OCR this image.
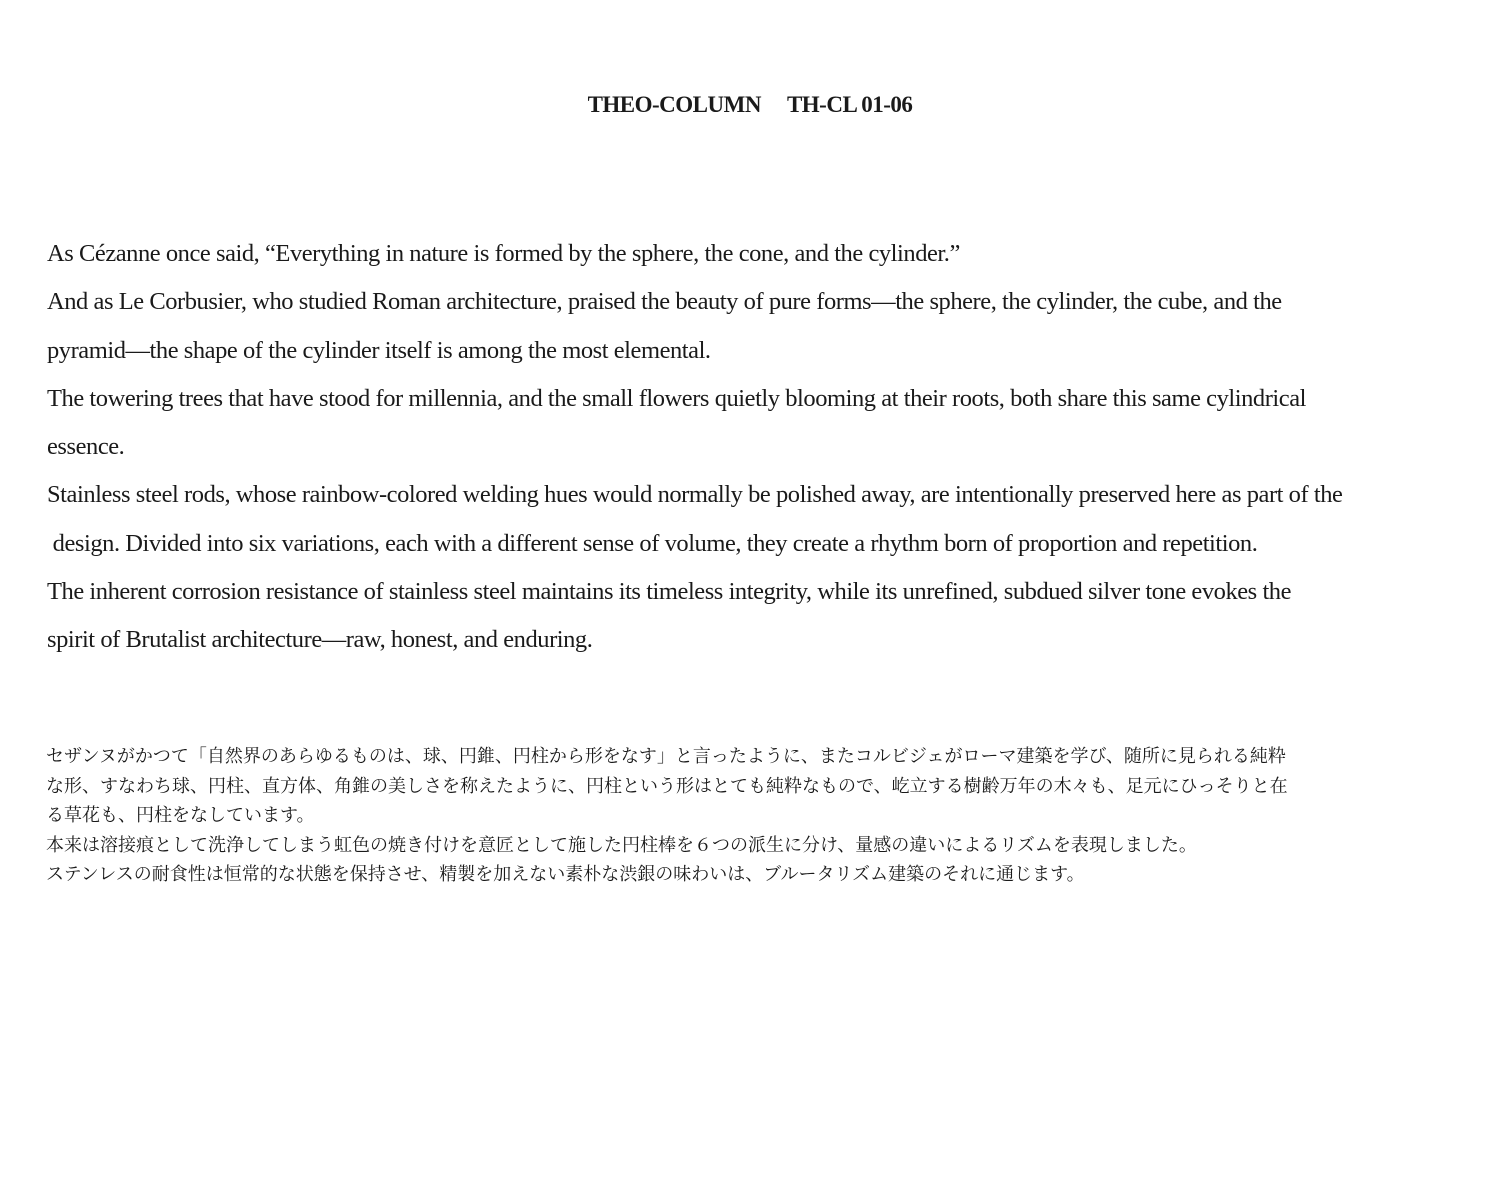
THEO-COLUMN TH-CL 01-06

As Cézanne once said, “Everything in nature is formed by the sphere, the cone, and the cylinder.”

And as Le Corbusier, who studied Roman architecture, praised the beauty of pure forms—the sphere, the cylinder, the cube, and the

pyramid—the shape of the cylinder itself is among the most elemental.

The towering trees that have stood for millennia, and the small flowers quietly blooming at their roots, both share this same cylindrical

essence.

Stainless steel rods, whose rainbow-colored welding hues would normally be polished away, are intentionally preserved here as part of the

design. Divided into six variations, each with a different sense of volume, they create a rhythm born of proportion and repetition.

The inherent corrosion resistance of stainless steel maintains its timeless integrity, while its unrefined, subdued silver tone evokes the

spirit of Brutalist architecture—raw, honest, and enduring.

セザンヌがかつて「自然界のあらゆるものは、球、円錐、円柱から形をなす」と言ったように、またコルビジェがローマ建築を学び、随所に見られる純粋

な形、すなわち球、円柱、直方体、角錐の美しさを称えたように、円柱という形はとても純粋なもので、屹立する樹齢万年の木々も、足元にひっそりと在

る草花も、円柱をなしています。

本来は溶接痕として洗浄してしまう虹色の焼き付けを意匠として施した円柱棒を６つの派生に分け、量感の違いによるリズムを表現しました。

ステンレスの耐食性は恒常的な状態を保持させ、精製を加えない素朴な渋銀の味わいは、ブルータリズム建築のそれに通じます。
